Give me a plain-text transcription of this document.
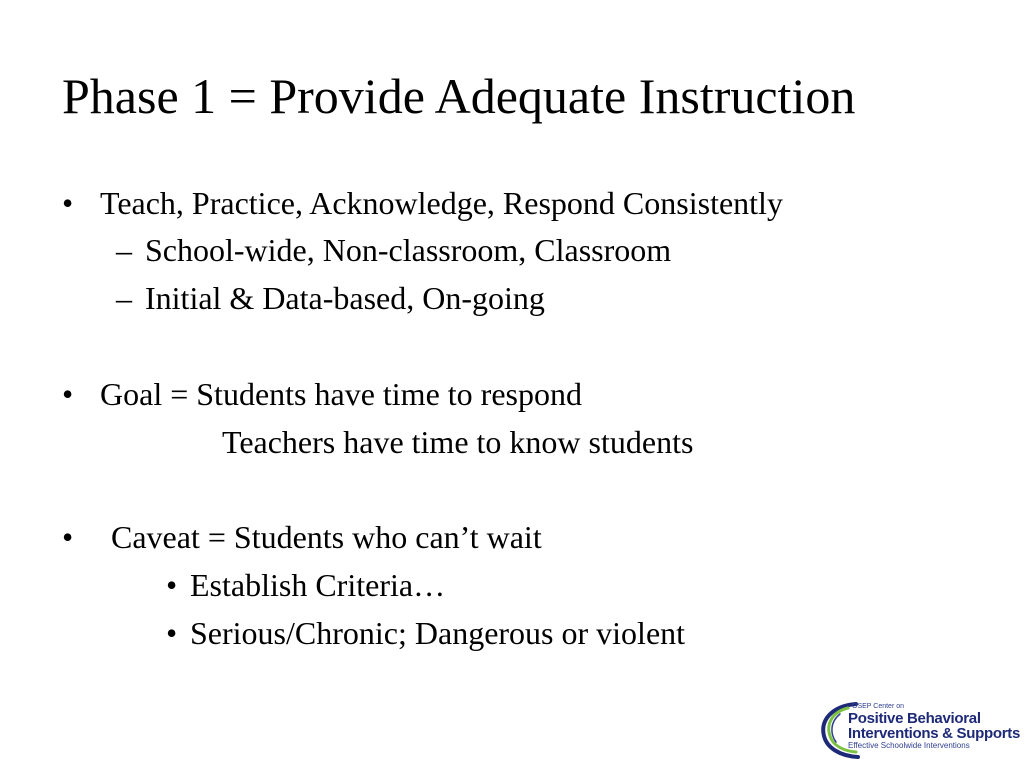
Phase 1 = Provide Adequate Instruction
• Teach, Practice, Acknowledge, Respond Consistently
– School-wide, Non-classroom, Classroom
– Initial & Data-based, On-going
• Goal = Students have time to respond
Teachers have time to know students
• Caveat = Students who can’t wait
• Establish Criteria…
• Serious/Chronic; Dangerous or violent
OSEP Center on
Positive Behavioral
Interventions & Supports
Effective Schoolwide Interventions
